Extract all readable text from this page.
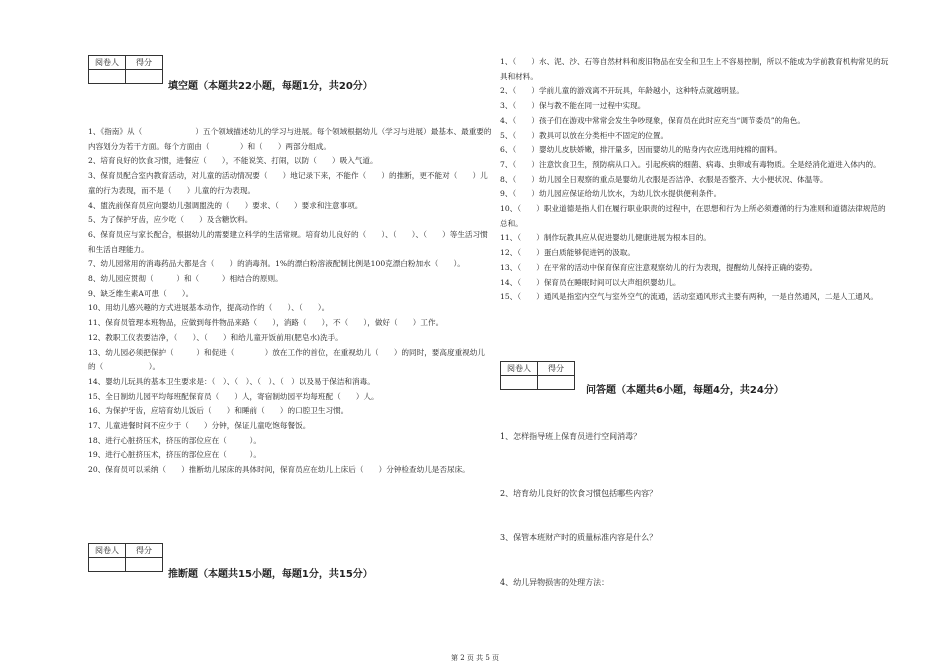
阅卷人	得分

填空题（本题共22小题，每题1分，共20分）

1、《指南》从（　　　　　　　）五个领域描述幼儿的学习与进展。每个领域根据幼儿（学习与进展）最基本、最重要的内容划分为若干方面。每个方面由（　　　　）和（　　）两部分组成。

2、培育良好的饮食习惯，进餐应（　　），不能说笑、打闹，以防（　　）吸入气道。

3、保育员配合室内教育活动，对儿童的活动情况要（　　）地记录下来，不能作（　　）的推断，更不能对（　　）儿童的行为表现，而不是（　　）儿童的行为表现。

4、盥洗前保育员应向婴幼儿强调盥洗的（　　）要求、（　　）要求和注意事项。

5、为了保护牙齿，应少吃（　　）及含糖饮料。

6、保育员应与家长配合，根据幼儿的需要建立科学的生活常规。培育幼儿良好的（　　）、（　　）、（　　）等生活习惯和生活自理能力。

7、幼儿园常用的消毒药品大都是含（　　）的消毒剂。1%的漂白粉溶液配制比例是100克漂白粉加水（　　）。

8、幼儿园应贯彻（　　　）和（　　　）相结合的原则。

9、缺乏维生素A可患（　　）。

10、用幼儿感兴趣的方式进展基本动作，提高动作的（　　）、（　　）。

11、保育员管理本班物品，应做到每件物品来路（　　），消路（　　），不（　　），做好（　　）工作。

12、教职工仪表要洁净，（　　）、（　　）和给儿童开饭前用(肥皂水)洗手。

13、幼儿园必须把保护（　　　）和促进（　　　　）放在工作的首位，在重视幼儿（　　）的同时，要高度重视幼儿的（　　　　　　）。

14、婴幼儿玩具的基本卫生要求是：（　）、（　）、（　）、（　）以及易于保洁和消毒。

15、全日制幼儿园平均每班配保育员（　　）人，寄宿制幼园平均每班配（　　）人。

16、为保护牙齿，应培育幼儿饭后（　　）和睡前（　　）的口腔卫生习惯。

17、儿童进餐时间不应少于（　　）分钟，保证儿童吃饱每餐饭。

18、进行心脏挤压术，挤压的部位应在（　　　）。

19、进行心脏挤压术，挤压的部位应在（　　　）。

20、保育员可以采纳（　　）推断幼儿尿床的具体时间，保育员应在幼儿上床后（　　）分钟检查幼儿是否尿床。

阅卷人	得分

推断题（本题共15小题，每题1分，共15分）

1、（　　）水、泥、沙、石等自然材料和废旧物品在安全和卫生上不容易控制，所以不能成为学前教育机构常见的玩具和材料。

2、（　　）学前儿童的游戏离不开玩具，年龄越小，这种特点就越明显。

3、（　　）保与教不能在同一过程中实现。

4、（　　）孩子们在游戏中常常会发生争吵现象，保育员在此时应充当“调节委员”的角色。

5、（　　）教具可以放在分类柜中不固定的位置。

6、（　　）婴幼儿皮肤娇嫩，排汗量多，因而婴幼儿的贴身内衣应选用纯棉的面料。

7、（　　）注意饮食卫生，预防病从口入。引起疾病的细菌、病毒、虫卵或有毒物质。全是经消化道进入体内的。

8、（　　）幼儿园全日观察的重点是婴幼儿衣服是否洁净、衣服是否整齐、大小便状况、体温等。

9、（　　）幼儿园应保证给幼儿饮水，为幼儿饮水提供便利条件。

10、（　　）职业道德是指人们在履行职业职责的过程中，在思想和行为上所必须遵循的行为准则和道德法律规范的总和。

11、（　　）制作玩教具应从促进婴幼儿健康进展为根本目的。

12、（　　）蛋白质能够促进钙的汲取。

13、（　　）在平常的活动中保育保育应注意观察幼儿的行为表现，提醒幼儿保持正确的姿势。

14、（　　）保育员在睡眠时间可以大声组织婴幼儿。

15、（　　）通风是指室内空气与室外空气的流通，活动室通风形式主要有两种，一是自然通风，二是人工通风。

阅卷人	得分

问答题（本题共6小题，每题4分，共24分）

1、怎样指导班上保育员进行空间消毒？

2、培育幼儿良好的饮食习惯包括哪些内容？

3、保管本班财产时的质量标准内容是什么？

4、幼儿异物损害的处理方法：

第 2 页 共 5 页
